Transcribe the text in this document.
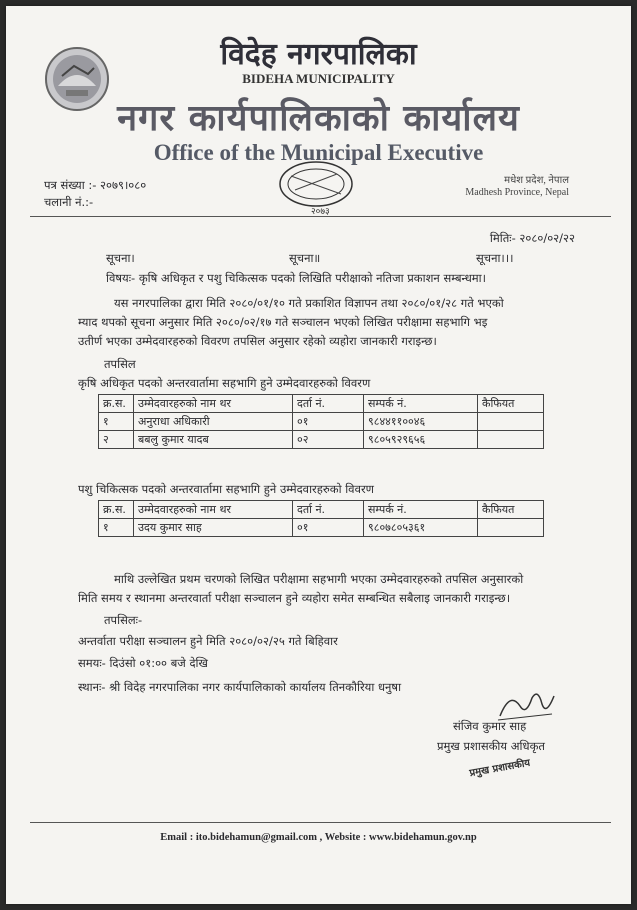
विदेह नगरपालिका
BIDEHA MUNICIPALITY
नगर कार्यपालिकाको कार्यालय
Office of the Municipal Executive
२०७३
पत्र संख्या :- २०७९।०८०
चलानी नं.:-
मधेश प्रदेश, नेपाल
Madhesh Province, Nepal
मितिः- २०८०/०२/२२
सूचना।	सूचना॥	सूचना।।।
विषयः- कृषि अधिकृत र पशु चिकित्सक पदको लिखिति परीक्षाको नतिजा प्रकाशन सम्बन्धमा।
यस नगरपालिका द्वारा मिति २०८०/०१/१० गते प्रकाशित विज्ञापन तथा २०८०/०१/२८ गते भएको
म्याद थपको सूचना अनुसार मिति २०८०/०२/१७ गते सञ्चालन भएको लिखित परीक्षामा सहभागि भइ
उतीर्ण भएका उम्मेदवारहरुको विवरण तपसिल अनुसार रहेको व्यहोरा जानकारी गराइन्छ।
तपसिल
कृषि अधिकृत पदको अन्तरवार्तामा सहभागि हुने उम्मेदवारहरुको विवरण
क्र.स.	उम्मेदवारहरुको नाम थर	दर्ता नं.	सम्पर्क नं.	कैफियत
१	अनुराधा अधिकारी	०१	९८४४११००४६	
२	बबलु कुमार यादब	०२	९८०५९२९६५६	
पशु चिकित्सक पदको अन्तरवार्तामा सहभागि हुने उम्मेदवारहरुको विवरण
क्र.स.	उम्मेदवारहरुको नाम थर	दर्ता नं.	सम्पर्क नं.	कैफियत
१	उदय कुमार साह	०१	९८०७८०५३६१	
माथि उल्लेखित प्रथम चरणको लिखित परीक्षामा सहभागी भएका उम्मेदवारहरुको तपसिल अनुसारको
मिति समय र स्थानमा अन्तरवार्ता परीक्षा सञ्चालन हुने व्यहोरा समेत सम्बन्धित सबैलाइ जानकारी गराइन्छ।
तपसिलः-
अन्तर्वाता परीक्षा सञ्चालन हुने मिति २०८०/०२/२५ गते बिहिवार
समयः- दिउंसो ०१:०० बजे देखि
स्थानः- श्री विदेह नगरपालिका नगर कार्यपालिकाको कार्यालय तिनकौरिया धनुषा
संजिव कुमार साह
प्रमुख प्रशासकीय अधिकृत
प्रमुख प्रशासकीय
Email : ito.bidehamun@gmail.com , Website : www.bidehamun.gov.np
